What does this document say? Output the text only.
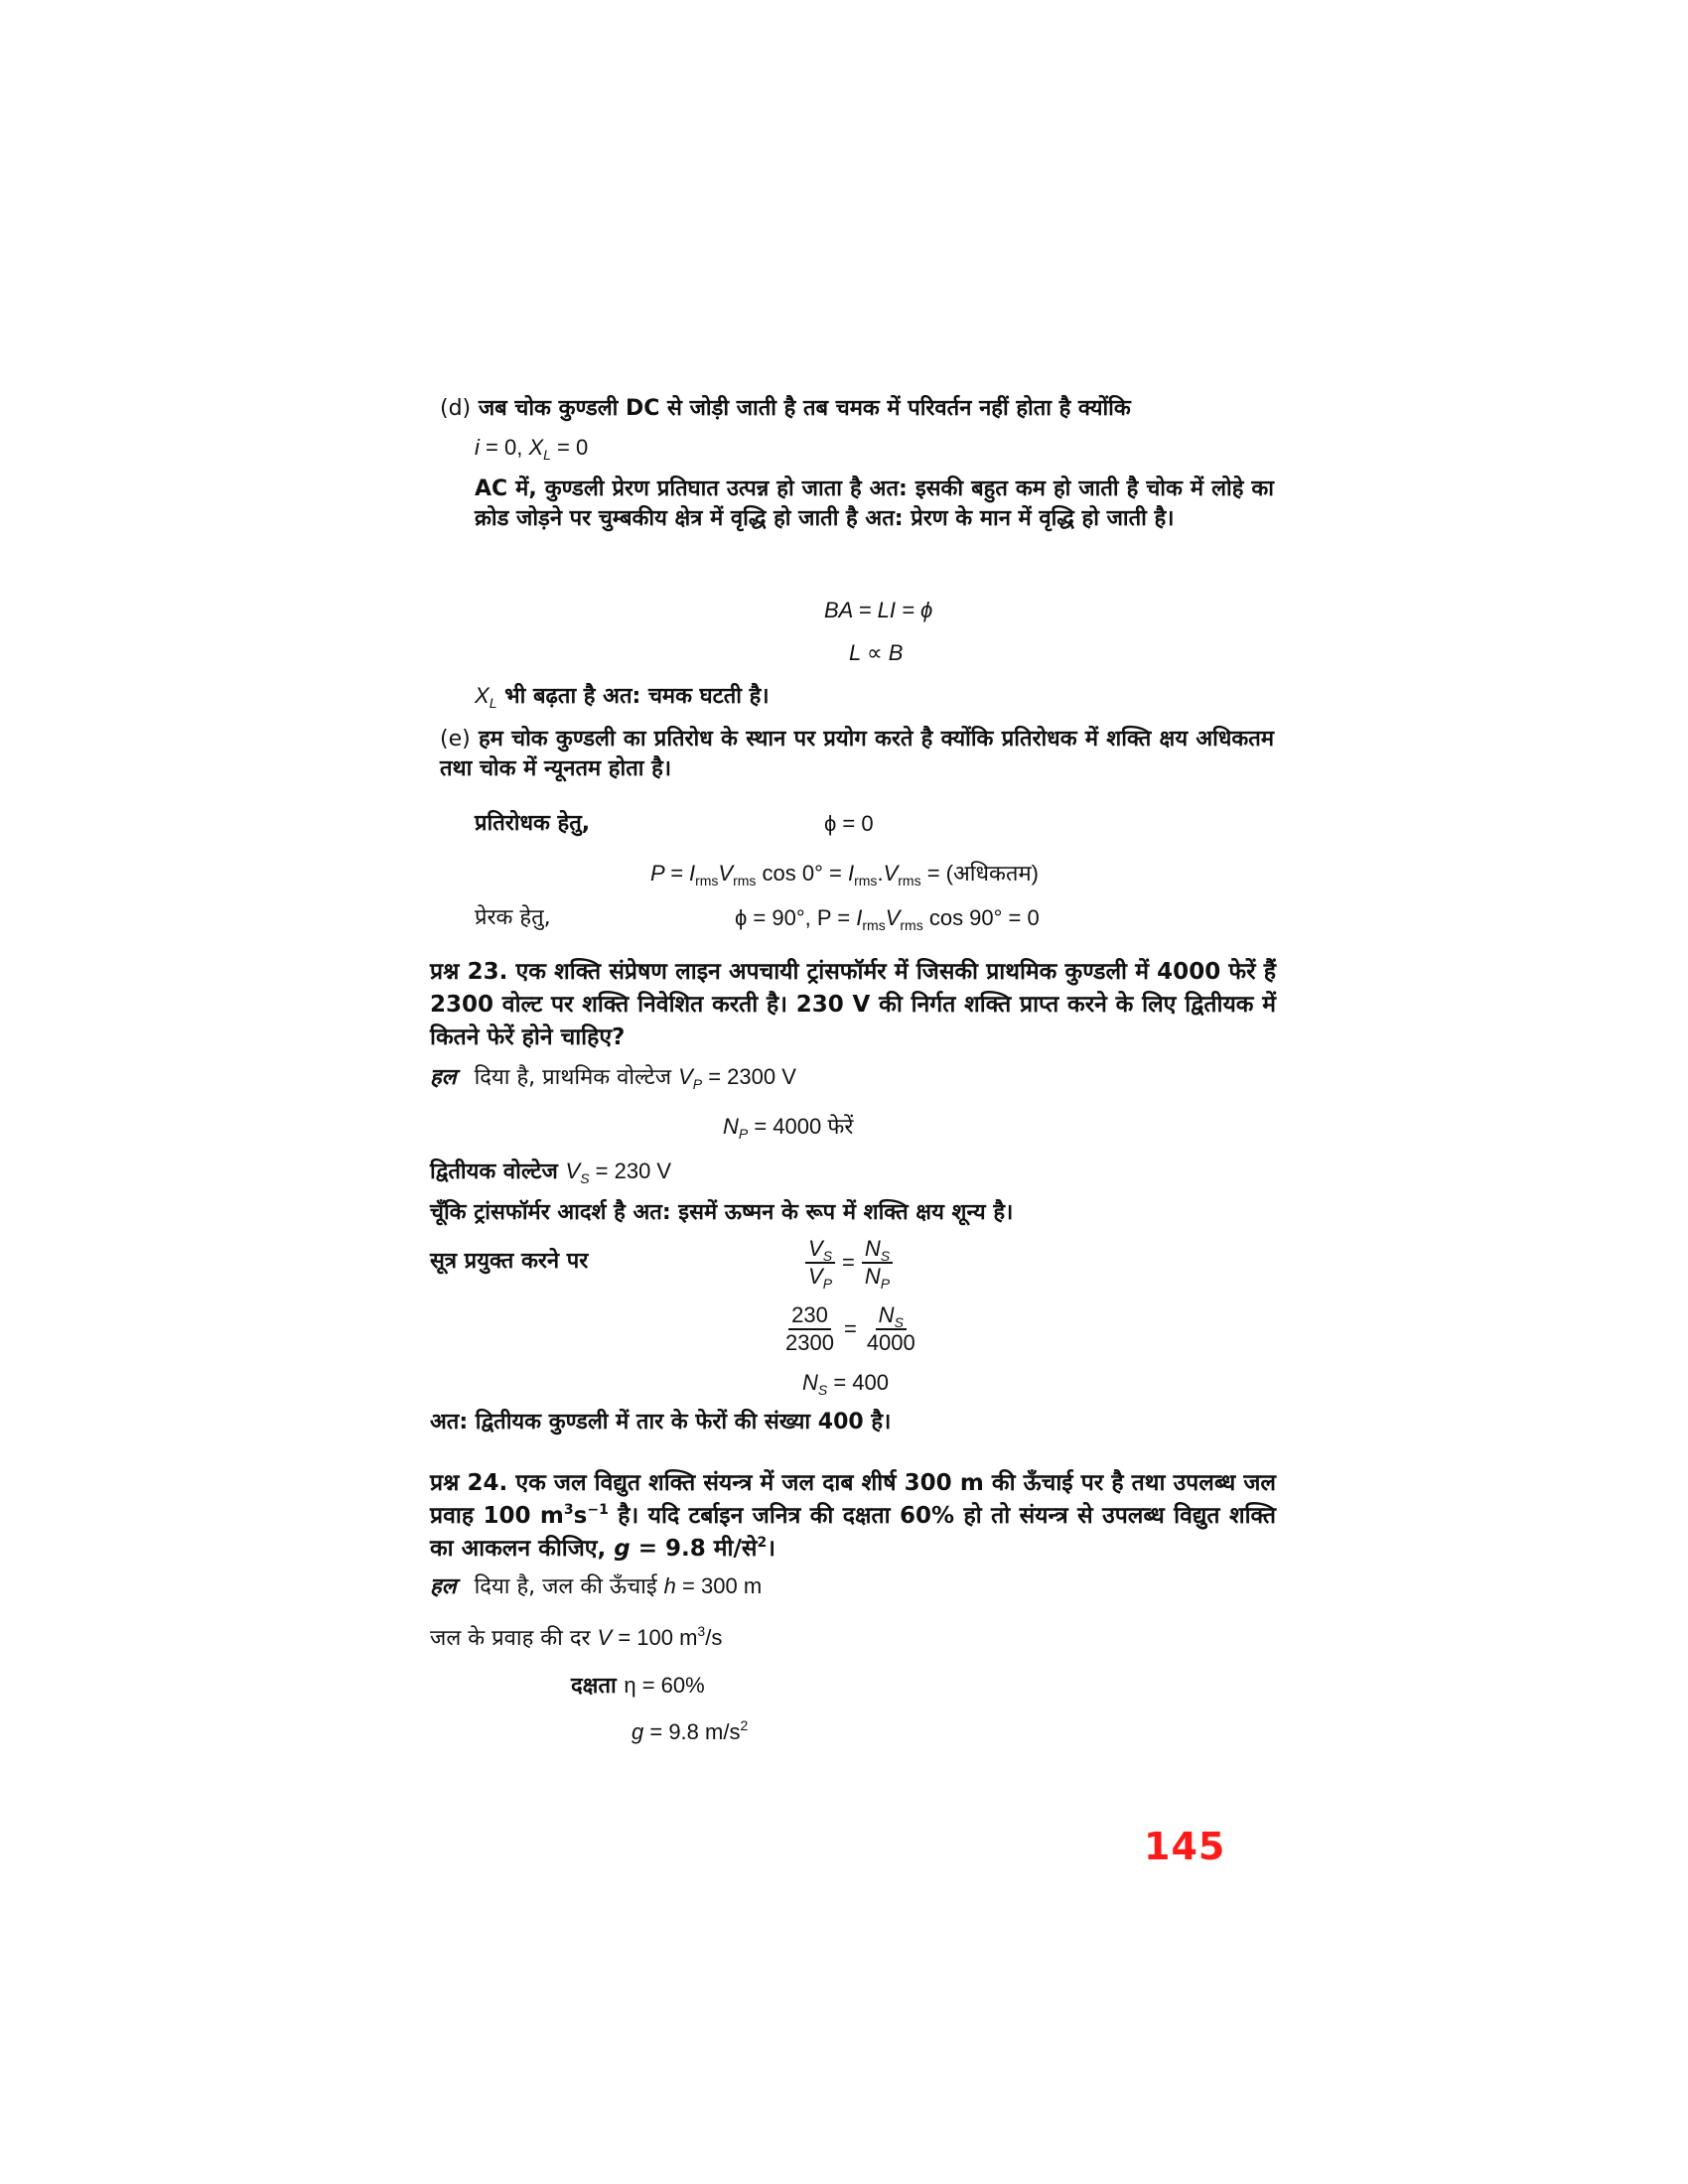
(d) जब चोक कुण्डली DC से जोड़ी जाती है तब चमक में परिवर्तन नहीं होता है क्योंकि
i = 0, $X_L = 0$
AC में, कुण्डली प्रेरण प्रतिघात उत्पन्न हो जाता है अत: इसकी बहुत कम हो जाती है चोक में लोहे का क्रोड जोड़ने पर चुम्बकीय क्षेत्र में वृद्धि हो जाती है अत: प्रेरण के मान में वृद्धि हो जाती है।
BA = LI = ϕ
L ∝ B
$X_L$ भी बढ़ता है अत: चमक घटती है।
(e) हम चोक कुण्डली का प्रतिरोध के स्थान पर प्रयोग करते है क्योंकि प्रतिरोधक में शक्ति क्षय अधिकतम तथा चोक में न्यूनतम होता है।
प्रतिरोधक हेतु,	ϕ = 0
$P = I_{rms}V_{rms}$ $\cos 0^\circ = I_{rms}.V_{rms}$ = (अधिकतम)
प्रेरक हेतु,	ϕ = 90°, $P = I_{rms}V_{rms}$ cos 90° = 0
प्रश्न 23. एक शक्ति संप्रेषण लाइन अपचायी ट्रांसफॉर्मर में जिसकी प्राथमिक कुण्डली में 4000 फेरें हैं 2300 वोल्ट पर शक्ति निवेशित करती है। 230 V की निर्गत शक्ति प्राप्त करने के लिए द्वितीयक में कितने फेरें होने चाहिए?
हल दिया है, प्राथमिक वोल्टेज $V_P = 2300$ V
$N_P = 4000$ फेरें
द्वितीयक वोल्टेज $V_S = 230$ V
चूँकि ट्रांसफॉर्मर आदर्श है अत: इसमें ऊष्मन के रूप में शक्ति क्षय शून्य है।
सूत्र प्रयुक्त करने पर	$\frac{V_S}{V_P} = \frac{N_S}{N_P}$
$\frac{230}{2300} = \frac{N_S}{4000}$
$N_S = 400$
अत: द्वितीयक कुण्डली में तार के फेरों की संख्या 400 है।
प्रश्न 24. एक जल विद्युत शक्ति संयन्त्र में जल दाब शीर्ष 300 m की ऊँचाई पर है तथा उपलब्ध जल प्रवाह 100 $m^3s^{-1}$ है। यदि टर्बाइन जनित्र की दक्षता 60% हो तो संयन्त्र से उपलब्ध विद्युत शक्ति का आकलन कीजिए, g = 9.8 मी/से$^2$।
हल दिया है, जल की ऊँचाई h = 300 m
जल के प्रवाह की दर V = 100 $m^3/s$
दक्षता η = 60%
g = 9.8 $m/s^2$
145
